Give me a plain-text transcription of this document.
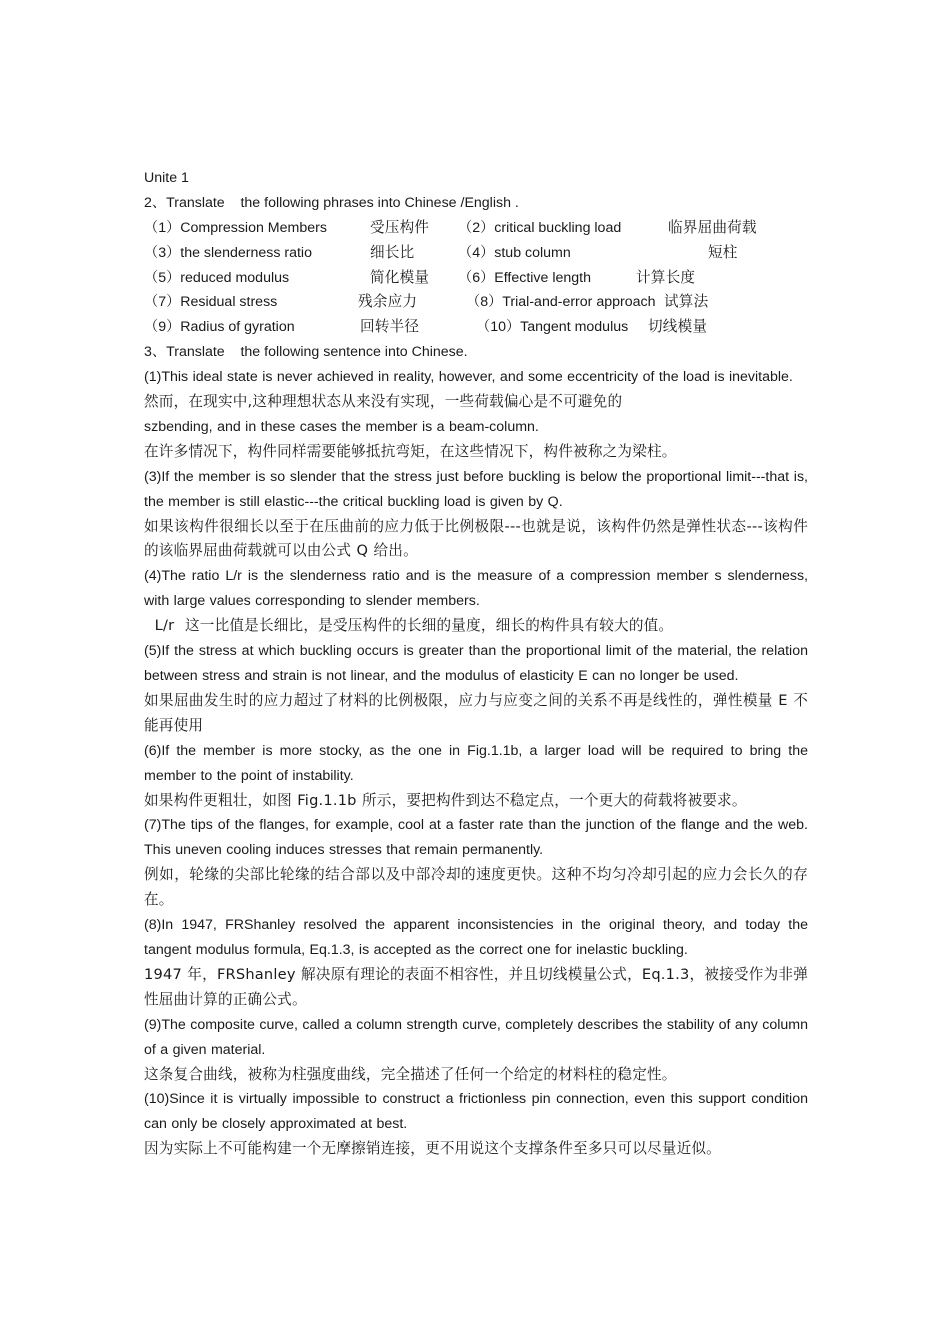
Unite 1
2、Translate    the following phrases into Chinese /English .
（1）Compression Members	受压构件	（2）critical buckling load	临界屈曲荷载
（3）the slenderness ratio	细长比	（4）stub column	短柱
（5）reduced modulus	简化模量	（6）Effective length	计算长度
（7）Residual stress	残余应力	（8）Trial-and-error approach 试算法
（9）Radius of gyration	回转半径	（10）Tangent modulus	切线模量
3、Translate    the following sentence into Chinese.
(1)This ideal state is never achieved in reality, however, and some eccentricity of the load is inevitable.
然而，在现实中,这种理想状态从来没有实现，一些荷载偏心是不可避免的
szbending, and in these cases the member is a beam-column.
在许多情况下，构件同样需要能够抵抗弯矩，在这些情况下，构件被称之为梁柱。
(3)If the member is so slender that the stress just before buckling is below the proportional limit---that is, the member is still elastic---the critical buckling load is given by Q.
如果该构件很细长以至于在压曲前的应力低于比例极限---也就是说，该构件仍然是弹性状态---该构件的该临界屈曲荷载就可以由公式 Q 给出。
(4)The ratio L/r is the slenderness ratio and is the measure of a compression member s slenderness, with large values corresponding to slender members.
L/r  这一比值是长细比，是受压构件的长细的量度，细长的构件具有较大的值。
(5)If the stress at which buckling occurs is greater than the proportional limit of the material, the relation between stress and strain is not linear, and the modulus of elasticity E can no longer be used.
如果屈曲发生时的应力超过了材料的比例极限，应力与应变之间的关系不再是线性的，弹性模量 E 不能再使用
(6)If the member is more stocky, as the one in Fig.1.1b, a larger load will be required to bring the member to the point of instability.
如果构件更粗壮，如图 Fig.1.1b 所示，要把构件到达不稳定点，一个更大的荷载将被要求。
(7)The tips of the flanges, for example, cool at a faster rate than the junction of the flange and the web. This uneven cooling induces stresses that remain permanently.
例如，轮缘的尖部比轮缘的结合部以及中部冷却的速度更快。这种不均匀冷却引起的应力会长久的存在。
(8)In 1947, FRShanley resolved the apparent inconsistencies in the original theory, and today the tangent modulus formula, Eq.1.3, is accepted as the correct one for inelastic buckling.
1947 年，FRShanley 解决原有理论的表面不相容性，并且切线模量公式，Eq.1.3，被接受作为非弹性屈曲计算的正确公式。
(9)The composite curve, called a column strength curve, completely describes the stability of any column of a given material.
这条复合曲线，被称为柱强度曲线，完全描述了任何一个给定的材料柱的稳定性。
(10)Since it is virtually impossible to construct a frictionless pin connection, even this support condition can only be closely approximated at best.
因为实际上不可能构建一个无摩擦销连接，更不用说这个支撑条件至多只可以尽量近似。
